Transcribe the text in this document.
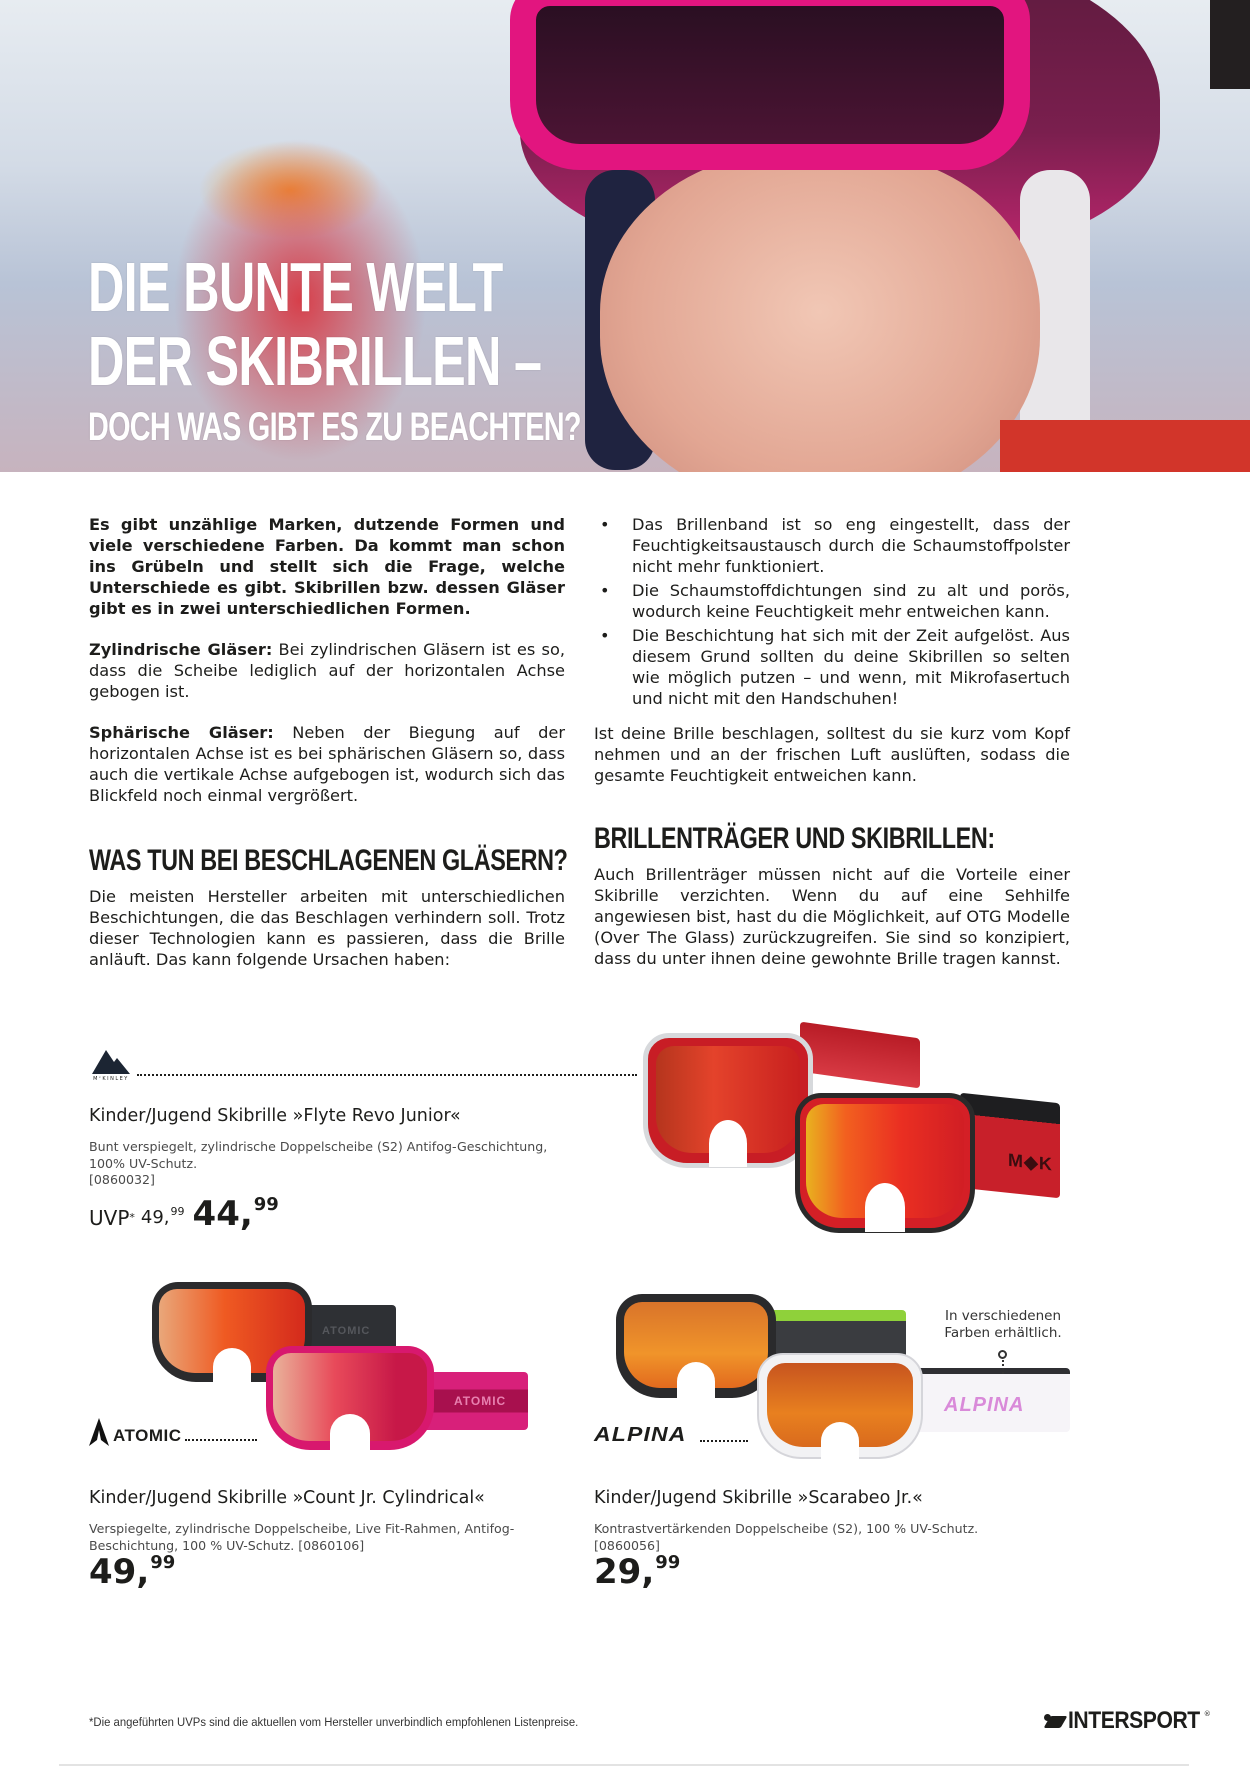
DIE BUNTE WELT
DER SKIBRILLEN –
DOCH WAS GIBT ES ZU BEACHTEN?

Es gibt unzählige Marken, dutzende Formen und viele verschiedene Farben. Da kommt man schon ins Grübeln und stellt sich die Frage, welche Unterschiede es gibt. Skibrillen bzw. dessen Gläser gibt es in zwei unterschiedlichen Formen.

Zylindrische Gläser: Bei zylindrischen Gläsern ist es so, dass die Scheibe lediglich auf der horizontalen Achse gebogen ist.

Sphärische Gläser: Neben der Biegung auf der horizontalen Achse ist es bei sphärischen Gläsern so, dass auch die vertikale Achse aufgebogen ist, wodurch sich das Blickfeld noch einmal vergrößert.

WAS TUN BEI BESCHLAGENEN GLÄSERN?

Die meisten Hersteller arbeiten mit unterschiedlichen Beschichtungen, die das Beschlagen verhindern soll. Trotz dieser Technologien kann es passieren, dass die Brille anläuft. Das kann folgende Ursachen haben:

• Das Brillenband ist so eng eingestellt, dass der Feuchtigkeitsaustausch durch die Schaumstoffpolster nicht mehr funktioniert.
• Die Schaumstoffdichtungen sind zu alt und porös, wodurch keine Feuchtigkeit mehr entweichen kann.
• Die Beschichtung hat sich mit der Zeit aufgelöst. Aus diesem Grund sollten du deine Skibrillen so selten wie möglich putzen – und wenn, mit Mikrofasertuch und nicht mit den Handschuhen!

Ist deine Brille beschlagen, solltest du sie kurz vom Kopf nehmen und an der frischen Luft auslüften, sodass die gesamte Feuchtigkeit entweichen kann.

BRILLENTRÄGER UND SKIBRILLEN:

Auch Brillenträger müssen nicht auf die Vorteile einer Skibrille verzichten. Wenn du auf eine Sehhilfe angewiesen bist, hast du die Möglichkeit, auf OTG Modelle (Over The Glass) zurückzugreifen. Sie sind so konzipiert, dass du unter ihnen deine gewohnte Brille tragen kannst.

MᶜKINLEY
M◆K
Kinder/Jugend Skibrille »Flyte Revo Junior«
Bunt verspiegelt, zylindrische Doppelscheibe (S2) Antifog-Geschichtung, 100% UV-Schutz.
[0860032]
UVP* 49, 99 44, 99
ATOMIC
ATOMIC
ATOMIC
Kinder/Jugend Skibrille »Count Jr. Cylindrical«
Verspiegelte, zylindrische Doppelscheibe, Live Fit-Rahmen, Antifog-Beschichtung, 100 % UV-Schutz. [0860106]
49, 99
ALPINA
In verschiedenen Farben erhältlich.
ALPINA
Kinder/Jugend Skibrille »Scarabeo Jr.«
Kontrastvertärkenden Doppelscheibe (S2), 100 % UV-Schutz.
[0860056]
29, 99
*Die angeführten UVPs sind die aktuellen vom Hersteller unverbindlich empfohlenen Listenpreise.	INTERSPORT ®
